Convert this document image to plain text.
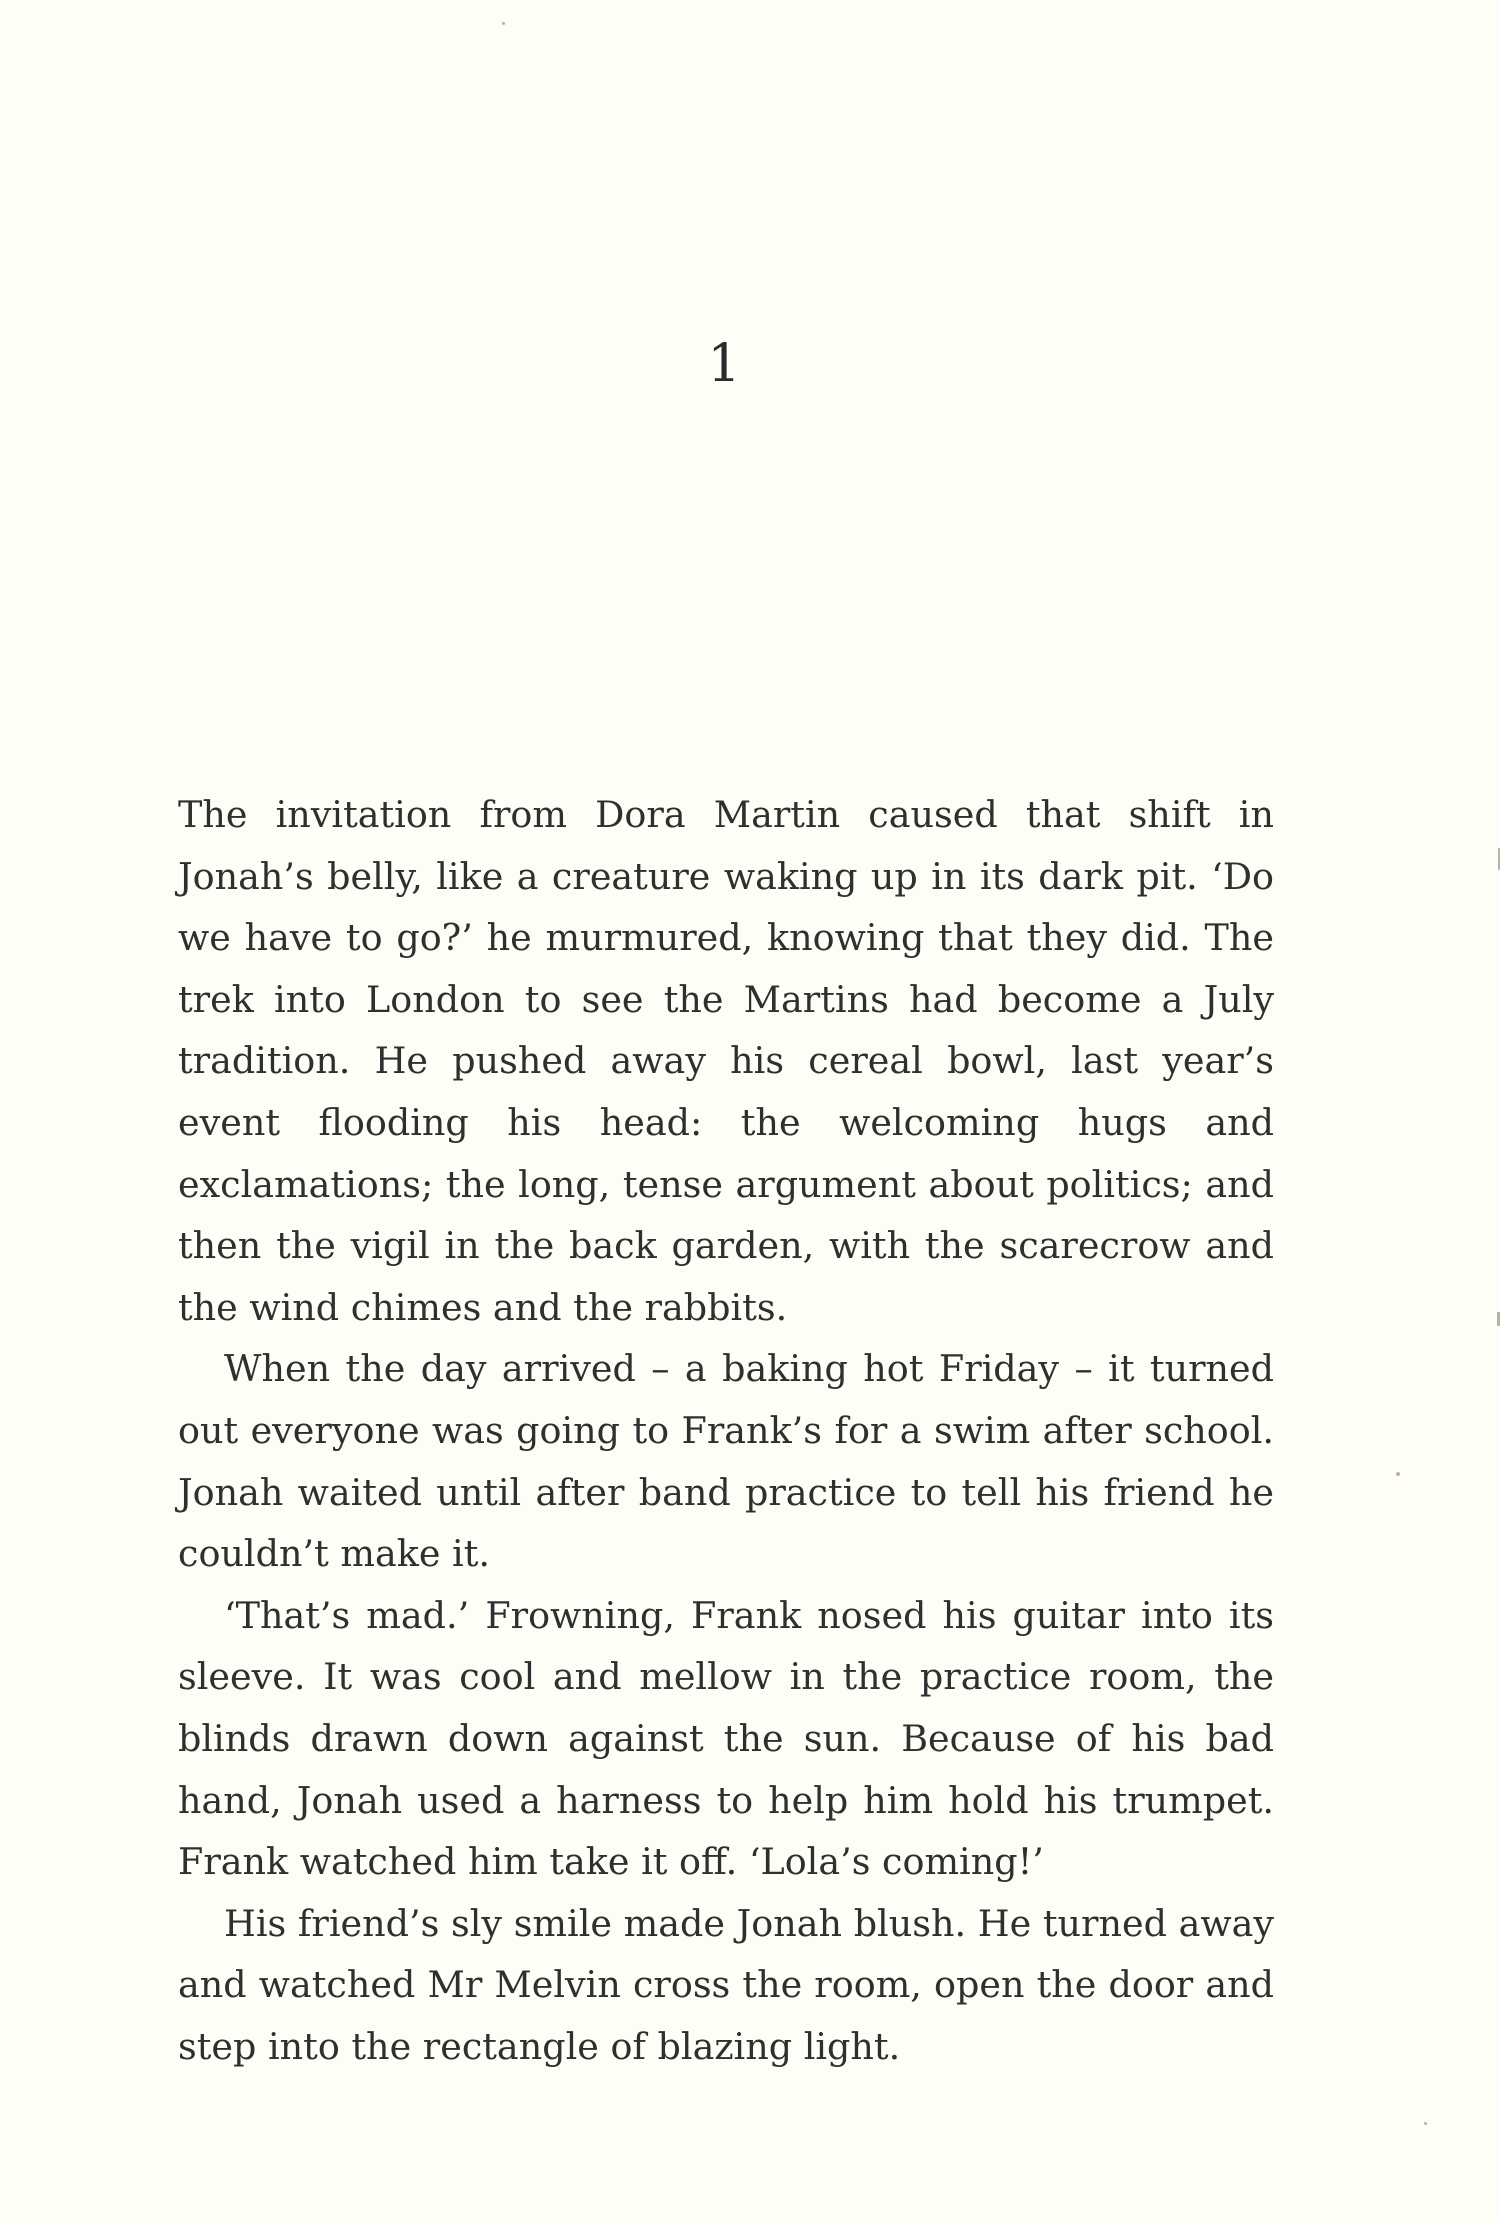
1

The invitation from Dora Martin caused that shift in Jonah’s belly, like a creature waking up in its dark pit. ‘Do we have to go?’ he murmured, knowing that they did. The trek into London to see the Martins had become a July tradition. He pushed away his cereal bowl, last year’s event flooding his head: the welcoming hugs and exclamations; the long, tense argument about politics; and then the vigil in the back garden, with the scarecrow and the wind chimes and the rabbits.

When the day arrived – a baking hot Friday – it turned out everyone was going to Frank’s for a swim after school. Jonah waited until after band practice to tell his friend he couldn’t make it.

‘That’s mad.’ Frowning, Frank nosed his guitar into its sleeve. It was cool and mellow in the practice room, the blinds drawn down against the sun. Because of his bad hand, Jonah used a harness to help him hold his trumpet. Frank watched him take it off. ‘Lola’s coming!’

His friend’s sly smile made Jonah blush. He turned away and watched Mr Melvin cross the room, open the door and step into the rectangle of blazing light.
